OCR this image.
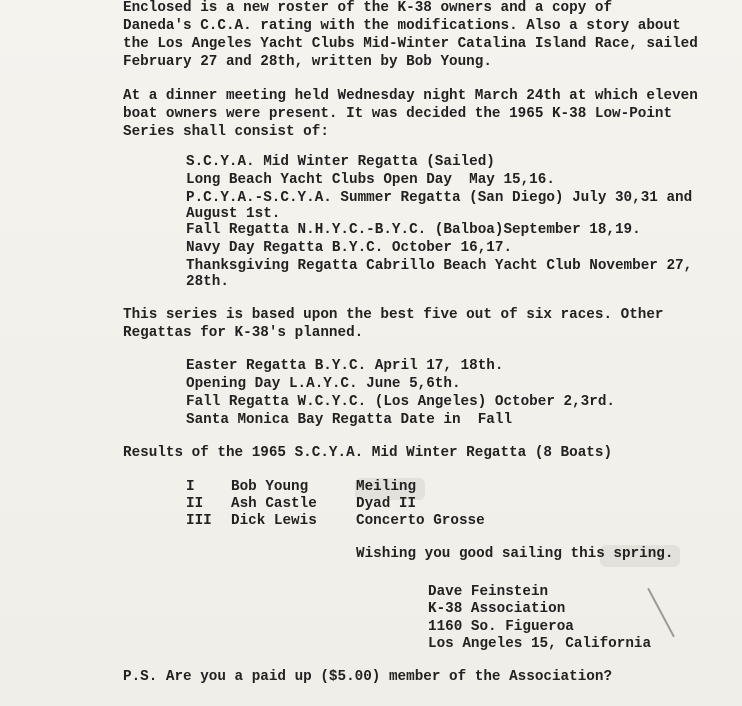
Enclosed is a new roster of the K-38 owners and a copy of
Daneda's C.C.A. rating with the modifications. Also a story about
the Los Angeles Yacht Clubs Mid-Winter Catalina Island Race, sailed
February 27 and 28th, written by Bob Young.
At a dinner meeting held Wednesday night March 24th at which eleven
boat owners were present. It was decided the 1965 K-38 Low-Point
Series shall consist of:
S.C.Y.A. Mid Winter Regatta (Sailed)
Long Beach Yacht Clubs Open Day  May 15,16.
P.C.Y.A.-S.C.Y.A. Summer Regatta (San Diego) July 30,31 and
August 1st.
Fall Regatta N.H.Y.C.-B.Y.C. (Balboa)September 18,19.
Navy Day Regatta B.Y.C. October 16,17.
Thanksgiving Regatta Cabrillo Beach Yacht Club November 27,
28th.
This series is based upon the best five out of six races. Other
Regattas for K-38's planned.
Easter Regatta B.Y.C. April 17, 18th.
Opening Day L.A.Y.C. June 5,6th.
Fall Regatta W.C.Y.C. (Los Angeles) October 2,3rd.
Santa Monica Bay Regatta Date in  Fall
Results of the 1965 S.C.Y.A. Mid Winter Regatta (8 Boats)
I	Bob Young	Meiling
II Ash Castle	Dyad II
III Dick Lewis	Concerto Grosse
Wishing you good sailing this spring.
Dave Feinstein
K-38 Association
1160 So. Figueroa
Los Angeles 15, California
P.S. Are you a paid up ($5.00) member of the Association?
